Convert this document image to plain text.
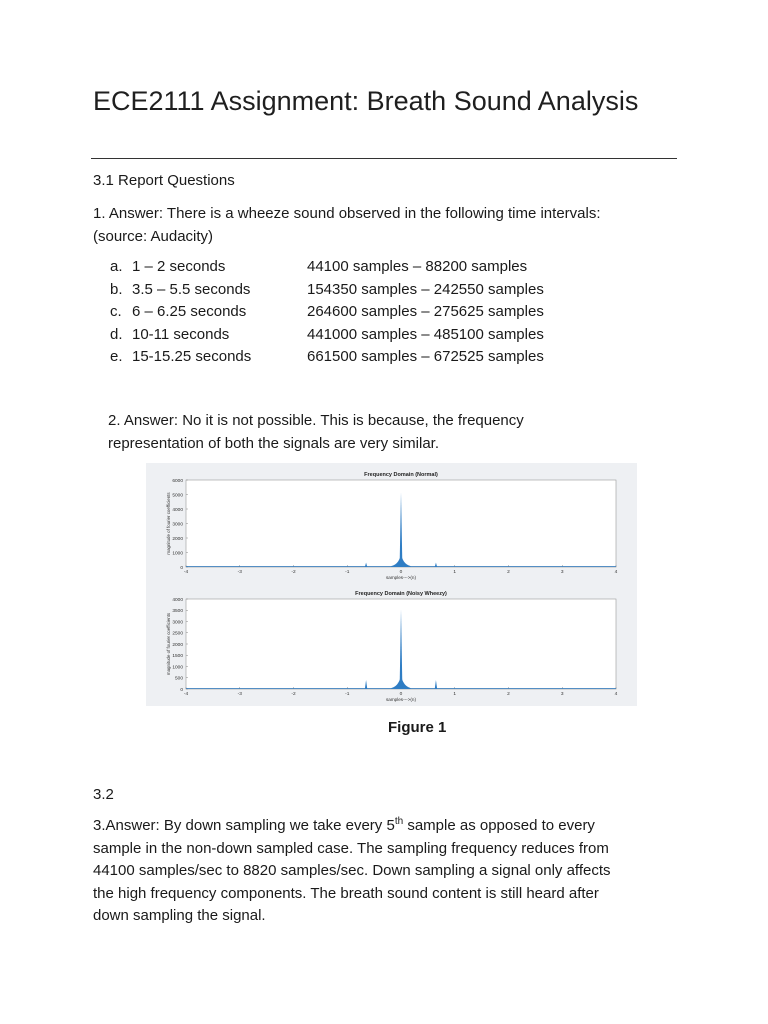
ECE2111 Assignment: Breath Sound Analysis
3.1 Report Questions
1. Answer: There is a wheeze sound observed in the following time intervals:
(source: Audacity)
a. 1 – 2 seconds	44100 samples – 88200 samples
b. 3.5 – 5.5 seconds	154350 samples – 242550 samples
c. 6 – 6.25 seconds	264600 samples – 275625 samples
d. 10-11 seconds	441000 samples – 485100 samples
e. 15-15.25 seconds	661500 samples – 672525 samples
2. Answer: No it is not possible. This is because, the frequency
representation of both the signals are very similar.
Frequency Domain (Normal)
0
1000
2000
3000
4000
5000
6000
-4	-3	-2	-1	0	1	2	3	4
samples--->(n)
magnitude of fourier coefficients
Frequency Domain (Noisy Wheezy)
0
500
1000
1500
2000
2500
3000
3500
4000
-4	-3	-2	-1	0	1	2	3	4
samples--->(n)
magnitude of fourier coefficients
Figure 1
3.2
3.Answer: By down sampling we take every 5th sample as opposed to every
sample in the non-down sampled case. The sampling frequency reduces from
44100 samples/sec to 8820 samples/sec. Down sampling a signal only affects
the high frequency components. The breath sound content is still heard after
down sampling the signal.
